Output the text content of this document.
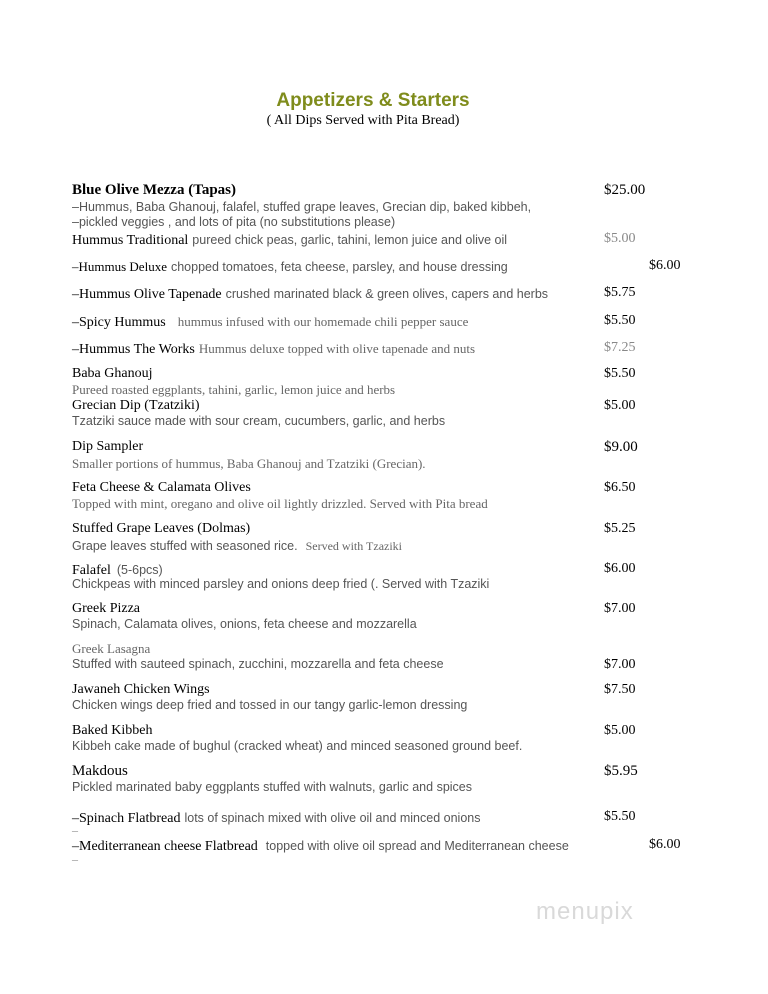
Appetizers & Starters
( All Dips Served with Pita Bread)
Blue Olive Mezza (Tapas)	$25.00
–Hummus, Baba Ghanouj, falafel, stuffed grape leaves, Grecian dip, baked kibbeh,
–pickled veggies , and lots of pita (no substitutions please)
Hummus Traditional pureed chick peas, garlic, tahini, lemon juice and olive oil	$5.00
–Hummus Deluxe chopped tomatoes, feta cheese, parsley, and house dressing	$6.00
–Hummus Olive Tapenade crushed marinated black & green olives, capers and herbs	$5.75
–Spicy Hummus hummus infused with our homemade chili pepper sauce	$5.50
–Hummus The Works Hummus deluxe topped with olive tapenade and nuts	$7.25
Baba Ghanouj	$5.50
Pureed roasted eggplants, tahini, garlic, lemon juice and herbs
Grecian Dip (Tzatziki)	$5.00
Tzatziki sauce made with sour cream, cucumbers, garlic, and herbs
Dip Sampler	$9.00
Smaller portions of hummus, Baba Ghanouj and Tzatziki (Grecian).
Feta Cheese & Calamata Olives	$6.50
Topped with mint, oregano and olive oil lightly drizzled. Served with Pita bread
Stuffed Grape Leaves (Dolmas)	$5.25
Grape leaves stuffed with seasoned rice. Served with Tzaziki
Falafel (5-6pcs)	$6.00
Chickpeas with minced parsley and onions deep fried (. Served with Tzaziki
Greek Pizza	$7.00
Spinach, Calamata olives, onions, feta cheese and mozzarella
Greek Lasagna
Stuffed with sauteed spinach, zucchini, mozzarella and feta cheese	$7.00
Jawaneh Chicken Wings	$7.50
Chicken wings deep fried and tossed in our tangy garlic-lemon dressing
Baked Kibbeh	$5.00
Kibbeh cake made of bughul (cracked wheat) and minced seasoned ground beef.
Makdous	$5.95
Pickled marinated baby eggplants stuffed with walnuts, garlic and spices
–Spinach Flatbread lots of spinach mixed with olive oil and minced onions	$5.50
–
–Mediterranean cheese Flatbread topped with olive oil spread and Mediterranean cheese	$6.00
–
menupix
